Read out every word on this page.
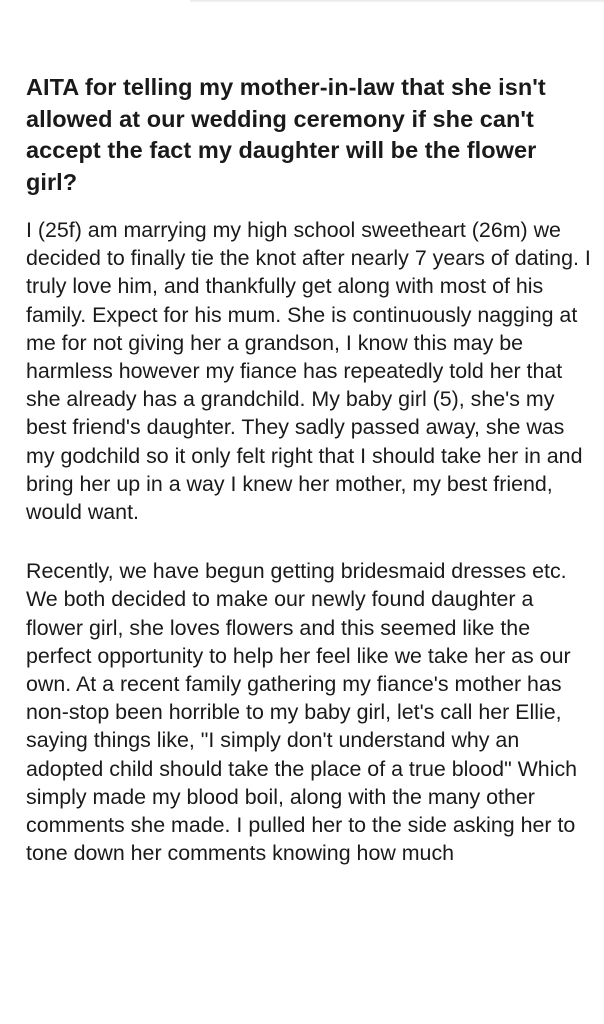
AITA for telling my mother-in-law that she isn't allowed at our wedding ceremony if she can't accept the fact my daughter will be the flower girl?

I (25f) am marrying my high school sweetheart (26m) we decided to finally tie the knot after nearly 7 years of dating. I truly love him, and thankfully get along with most of his family. Expect for his mum. She is continuously nagging at me for not giving her a grandson, I know this may be harmless however my fiance has repeatedly told her that she already has a grandchild. My baby girl (5), she's my best friend's daughter. They sadly passed away, she was my godchild so it only felt right that I should take her in and bring her up in a way I knew her mother, my best friend, would want.

Recently, we have begun getting bridesmaid dresses etc. We both decided to make our newly found daughter a flower girl, she loves flowers and this seemed like the perfect opportunity to help her feel like we take her as our own. At a recent family gathering my fiance's mother has non-stop been horrible to my baby girl, let's call her Ellie, saying things like, "I simply don't understand why an adopted child should take the place of a true blood" Which simply made my blood boil, along with the many other comments she made. I pulled her to the side asking her to tone down her comments knowing how much
